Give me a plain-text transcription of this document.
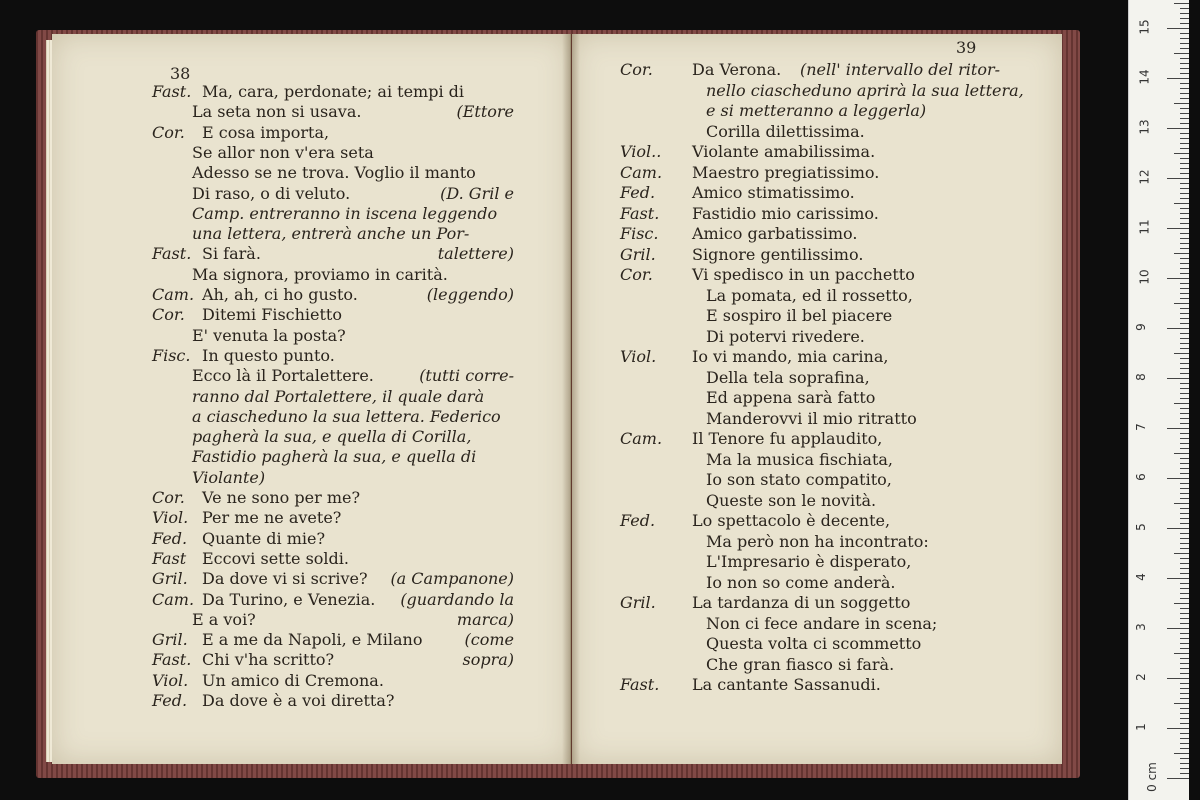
38
Fast. Ma, cara, perdonate; ai tempi di
La seta non si usava.	(Ettore
Cor. E cosa importa,
Se allor non v'era seta
Adesso se ne trova. Voglio il manto
Di raso, o di veluto.	(D. Gril e
Camp. entreranno in iscena leggendo
una lettera, entrerà anche un Por-
Fast. Si farà.	talettere)
Ma signora, proviamo in carità.
Cam. Ah, ah, ci ho gusto.	(leggendo)
Cor. Ditemi Fischietto
E' venuta la posta?
Fisc. In questo punto.
Ecco là il Portalettere.	(tutti corre-
ranno dal Portalettere, il quale darà
a ciascheduno la sua lettera. Federico
pagherà la sua, e quella di Corilla,
Fastidio pagherà la sua, e quella di
Violante)
Cor. Ve ne sono per me?
Viol. Per me ne avete?
Fed. Quante di mie?
Fast Eccovi sette soldi.
Gril. Da dove vi si scrive? (a Campanone)
Cam. Da Turino, e Venezia. (guardando la
E a voi?	marca)
Gril. E a me da Napoli, e Milano	(come
Fast. Chi v'ha scritto?	sopra)
Viol. Un amico di Cremona.
Fed. Da dove è a voi diretta?
39
Cor. Da Verona. (nell' intervallo del ritor-
nello ciascheduno aprirà la sua lettera,
e si metteranno a leggerla)
Corilla dilettissima.
Viol.. Violante amabilissima.
Cam. Maestro pregiatissimo.
Fed. Amico stimatissimo.
Fast. Fastidio mio carissimo.
Fisc. Amico garbatissimo.
Gril. Signore gentilissimo.
Cor. Vi spedisco in un pacchetto
La pomata, ed il rossetto,
E sospiro il bel piacere
Di potervi rivedere.
Viol. Io vi mando, mia carina,
Della tela soprafina,
Ed appena sarà fatto
Manderovvi il mio ritratto
Cam. Il Tenore fu applaudito,
Ma la musica fischiata,
Io son stato compatito,
Queste son le novità.
Fed. Lo spettacolo è decente,
Ma però non ha incontrato:
L'Impresario è disperato,
Io non so come anderà.
Gril. La tardanza di un soggetto
Non ci fece andare in scena;
Questa volta ci scommetto
Che gran fiasco si farà.
Fast. La cantante Sassanudi.
0 cm
1
2
3
4
5
6
7
8
9
10
11
12
13
14
15
